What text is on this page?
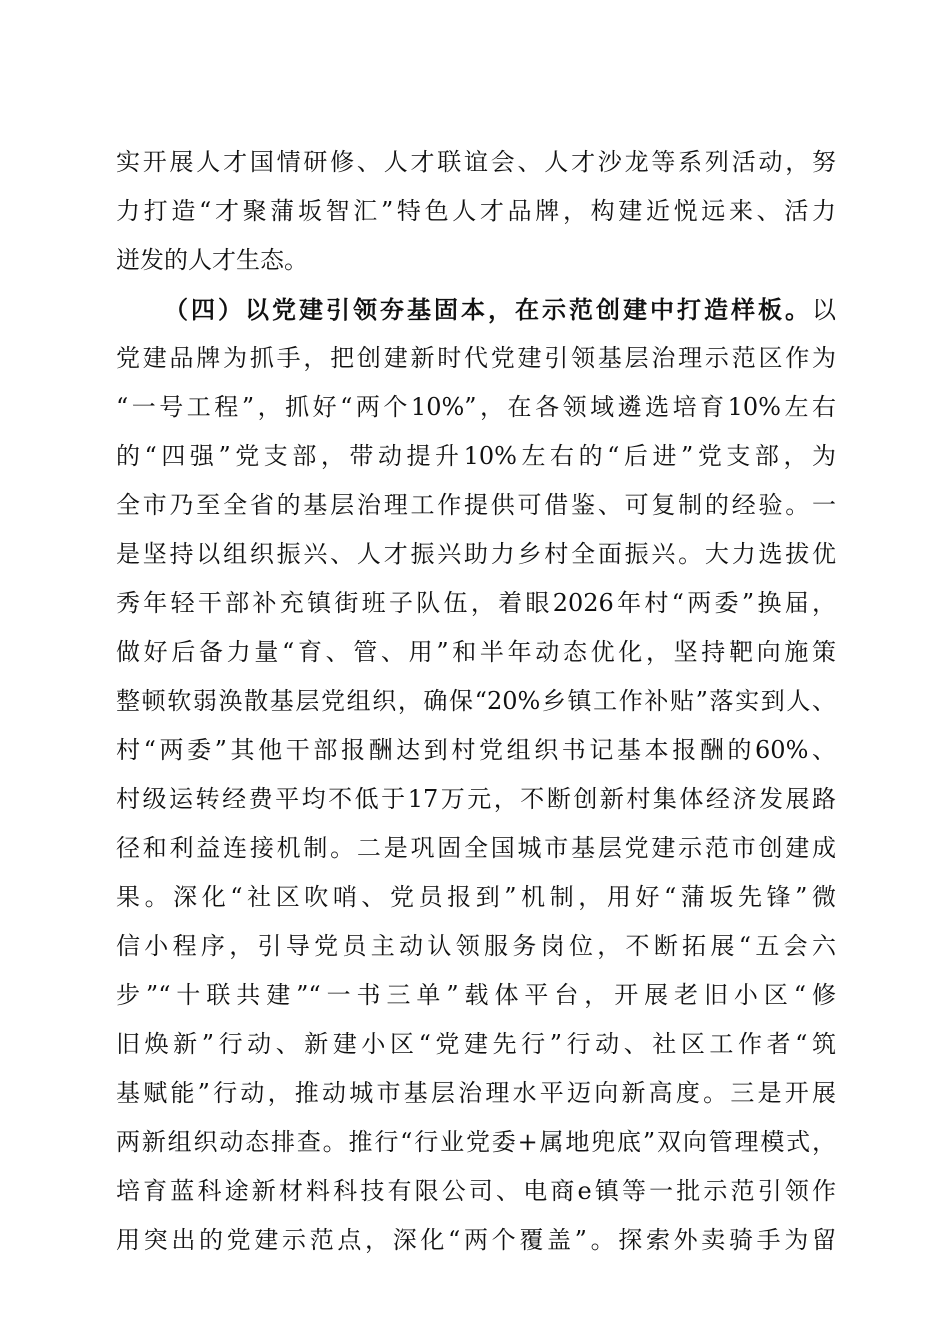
实开展人才国情研修、人才联谊会、人才沙龙等系列活动，努
力打造“才聚蒲坂智汇”特色人才品牌，构建近悦远来、活力
迸发的人才生态。
（四）以党建引领夯基固本，在示范创建中打造样板。以
党建品牌为抓手，把创建新时代党建引领基层治理示范区作为
“一号工程”，抓好“两个10%”，在各领域遴选培育10%左右
的“四强”党支部，带动提升10%左右的“后进”党支部，为
全市乃至全省的基层治理工作提供可借鉴、可复制的经验。一
是坚持以组织振兴、人才振兴助力乡村全面振兴。大力选拔优
秀年轻干部补充镇街班子队伍，着眼2026年村“两委”换届，
做好后备力量“育、管、用”和半年动态优化，坚持靶向施策
整顿软弱涣散基层党组织，确保“20%乡镇工作补贴”落实到人、
村“两委”其他干部报酬达到村党组织书记基本报酬的60%、
村级运转经费平均不低于17万元，不断创新村集体经济发展路
径和利益连接机制。二是巩固全国城市基层党建示范市创建成
果。深化“社区吹哨、党员报到”机制，用好“蒲坂先锋”微
信小程序，引导党员主动认领服务岗位，不断拓展“五会六
步”“十联共建”“一书三单”载体平台，开展老旧小区“修
旧焕新”行动、新建小区“党建先行”行动、社区工作者“筑
基赋能”行动，推动城市基层治理水平迈向新高度。三是开展
两新组织动态排查。推行“行业党委+属地兜底”双向管理模式，
培育蓝科途新材料科技有限公司、电商e镇等一批示范引领作
用突出的党建示范点，深化“两个覆盖”。探索外卖骑手为留
